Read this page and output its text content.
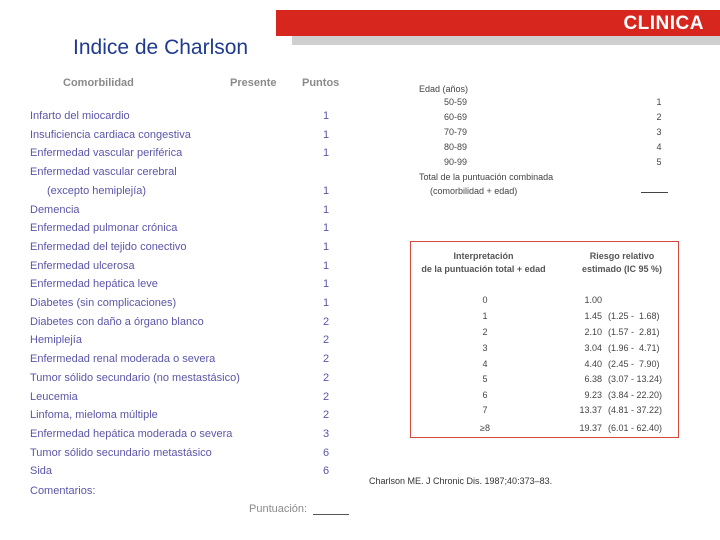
CLINICA
Indice de Charlson
Comorbilidad	Presente Puntos
Infarto del miocardio	1
Insuficiencia cardiaca congestiva	1
Enfermedad vascular periférica	1
Enfermedad vascular cerebral
(excepto hemiplejía)	1
Demencia	1
Enfermedad pulmonar crónica	1
Enfermedad del tejido conectivo	1
Enfermedad ulcerosa	1
Enfermedad hepática leve	1
Diabetes (sin complicaciones)	1
Diabetes con daño a órgano blanco	2
Hemiplejía	2
Enfermedad renal moderada o severa	2
Tumor sólido secundario (no mestastásico)	2
Leucemia	2
Linfoma, mieloma múltiple	2
Enfermedad hepática moderada o severa	3
Tumor sólido secundario metastásico	6
Sida	6
Comentarios:
Puntuación:
Edad (años)
50-59	1
60-69	2
70-79	3
80-89	4
90-99	5
Total de la puntuación combinada
(comorbilidad + edad)
Interpretación
de la puntuación total + edad
Riesgo relativo
estimado (IC 95 %)
0	1.00
1	1.45 (1.25 -  1.68)
2	2.10 (1.57 -  2.81)
3	3.04 (1.96 -  4.71)
4	4.40 (2.45 -  7.90)
5	6.38 (3.07 - 13.24)
6	9.23 (3.84 - 22.20)
7	13.37 (4.81 - 37.22)
≥8	19.37 (6.01 - 62.40)
Charlson ME. J Chronic Dis. 1987;40:373–83.
